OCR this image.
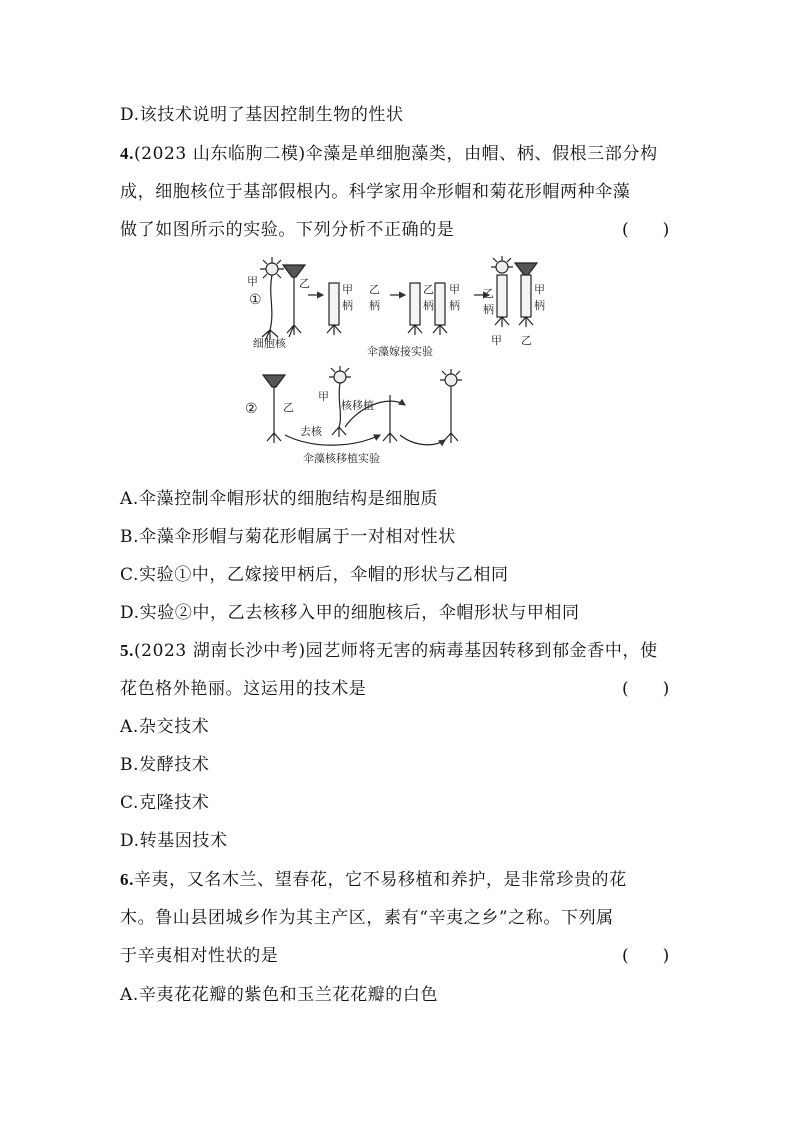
D.该技术说明了基因控制生物的性状
4.(2023 山东临朐二模)伞藻是单细胞藻类，由帽、柄、假根三部分构
成，细胞核位于基部假根内。科学家用伞形帽和菊花形帽两种伞藻
做了如图所示的实验。下列分析不正确的是	(　　)
甲
①
乙	甲
柄
乙
柄
乙
柄
甲
柄
乙
柄
甲
柄
甲 乙
细胞核
伞藻嫁接实验
② 乙
甲
核移植
去核
伞藻核移植实验
A.伞藻控制伞帽形状的细胞结构是细胞质
B.伞藻伞形帽与菊花形帽属于一对相对性状
C.实验①中，乙嫁接甲柄后，伞帽的形状与乙相同
D.实验②中，乙去核移入甲的细胞核后，伞帽形状与甲相同
5.(2023 湖南长沙中考)园艺师将无害的病毒基因转移到郁金香中，使
花色格外艳丽。这运用的技术是	(　　)
A.杂交技术
B.发酵技术
C.克隆技术
D.转基因技术
6.辛夷，又名木兰、望春花，它不易移植和养护，是非常珍贵的花
木。鲁山县团城乡作为其主产区，素有“辛夷之乡”之称。下列属
于辛夷相对性状的是	(　　)
A.辛夷花花瓣的紫色和玉兰花花瓣的白色
